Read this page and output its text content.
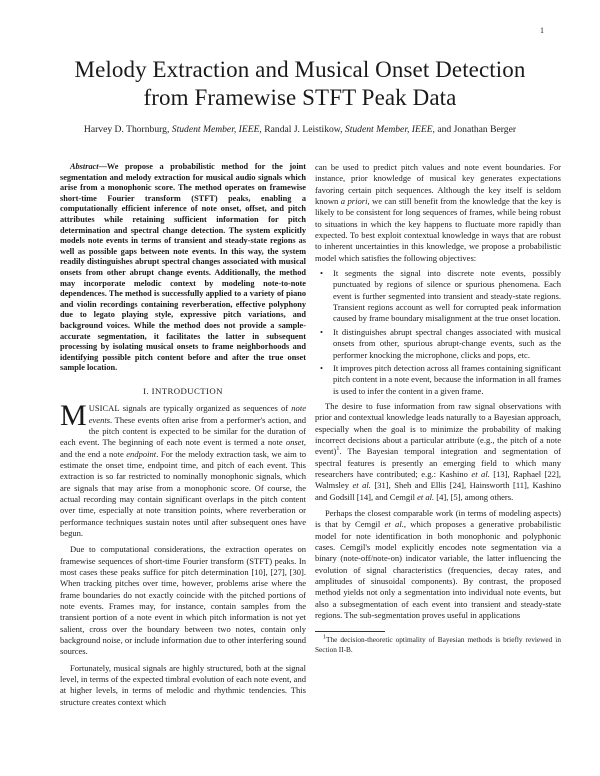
1
Melody Extraction and Musical Onset Detection
from Framewise STFT Peak Data
Harvey D. Thornburg, Student Member, IEEE, Randal J. Leistikow, Student Member, IEEE, and Jonathan Berger

Abstract—We propose a probabilistic method for the joint segmentation and melody extraction for musical audio signals which arise from a monophonic score. The method operates on framewise short-time Fourier transform (STFT) peaks, enabling a computationally efficient inference of note onset, offset, and pitch attributes while retaining sufficient information for pitch determination and spectral change detection. The system explicitly models note events in terms of transient and steady-state regions as well as possible gaps between note events. In this way, the system readily distinguishes abrupt spectral changes associated with musical onsets from other abrupt change events. Additionally, the method may incorporate melodic context by modeling note-to-note dependences. The method is successfully applied to a variety of piano and violin recordings containing reverberation, effective polyphony due to legato playing style, expressive pitch variations, and background voices. While the method does not provide a sample-accurate segmentation, it facilitates the latter in subsequent processing by isolating musical onsets to frame neighborhoods and identifying possible pitch content before and after the true onset sample location.

I. INTRODUCTION

MUSICAL signals are typically organized as sequences of note events. These events often arise from a performer's action, and the pitch content is expected to be similar for the duration of each event. The beginning of each note event is termed a note onset, and the end a note endpoint. For the melody extraction task, we aim to estimate the onset time, endpoint time, and pitch of each event. This extraction is so far restricted to nominally monophonic signals, which are signals that may arise from a monophonic score. Of course, the actual recording may contain significant overlaps in the pitch content over time, especially at note transition points, where reverberation or performance techniques sustain notes until after subsequent ones have begun.

Due to computational considerations, the extraction operates on framewise sequences of short-time Fourier transform (STFT) peaks. In most cases these peaks suffice for pitch determination [10], [27], [30]. When tracking pitches over time, however, problems arise where the frame boundaries do not exactly coincide with the pitched portions of note events. Frames may, for instance, contain samples from the transient portion of a note event in which pitch information is not yet salient, cross over the boundary between two notes, contain only background noise, or include information due to other interfering sound sources.

Fortunately, musical signals are highly structured, both at the signal level, in terms of the expected timbral evolution of each note event, and at higher levels, in terms of melodic and rhythmic tendencies. This structure creates context which

can be used to predict pitch values and note event boundaries. For instance, prior knowledge of musical key generates expectations favoring certain pitch sequences. Although the key itself is seldom known a priori, we can still benefit from the knowledge that the key is likely to be consistent for long sequences of frames, while being robust to situations in which the key happens to fluctuate more rapidly than expected. To best exploit contextual knowledge in ways that are robust to inherent uncertainties in this knowledge, we propose a probabilistic model which satisfies the following objectives:

• It segments the signal into discrete note events, possibly punctuated by regions of silence or spurious phenomena. Each event is further segmented into transient and steady-state regions. Transient regions account as well for corrupted peak information caused by frame boundary misalignment at the true onset location.
• It distinguishes abrupt spectral changes associated with musical onsets from other, spurious abrupt-change events, such as the performer knocking the microphone, clicks and pops, etc.
• It improves pitch detection across all frames containing significant pitch content in a note event, because the information in all frames is used to infer the content in a given frame.

The desire to fuse information from raw signal observations with prior and contextual knowledge leads naturally to a Bayesian approach, especially when the goal is to minimize the probability of making incorrect decisions about a particular attribute (e.g., the pitch of a note event)$^1$. The Bayesian temporal integration and segmentation of spectral features is presently an emerging field to which many researchers have contributed; e.g.: Kashino et al. [13], Raphael [22], Walmsley et al. [31], Sheh and Ellis [24], Hainsworth [11], Kashino and Godsill [14], and Cemgil et al. [4], [5], among others.

Perhaps the closest comparable work (in terms of modeling aspects) is that by Cemgil et al., which proposes a generative probabilistic model for note identification in both monophonic and polyphonic cases. Cemgil's model explicitly encodes note segmentation via a binary (note-off/note-on) indicator variable, the latter influencing the evolution of signal characteristics (frequencies, decay rates, and amplitudes of sinusoidal components). By contrast, the proposed method yields not only a segmentation into individual note events, but also a subsegmentation of each event into transient and steady-state regions. The sub-segmentation proves useful in applications

$^1$The decision-theoretic optimality of Bayesian methods is briefly reviewed in Section II-B.
